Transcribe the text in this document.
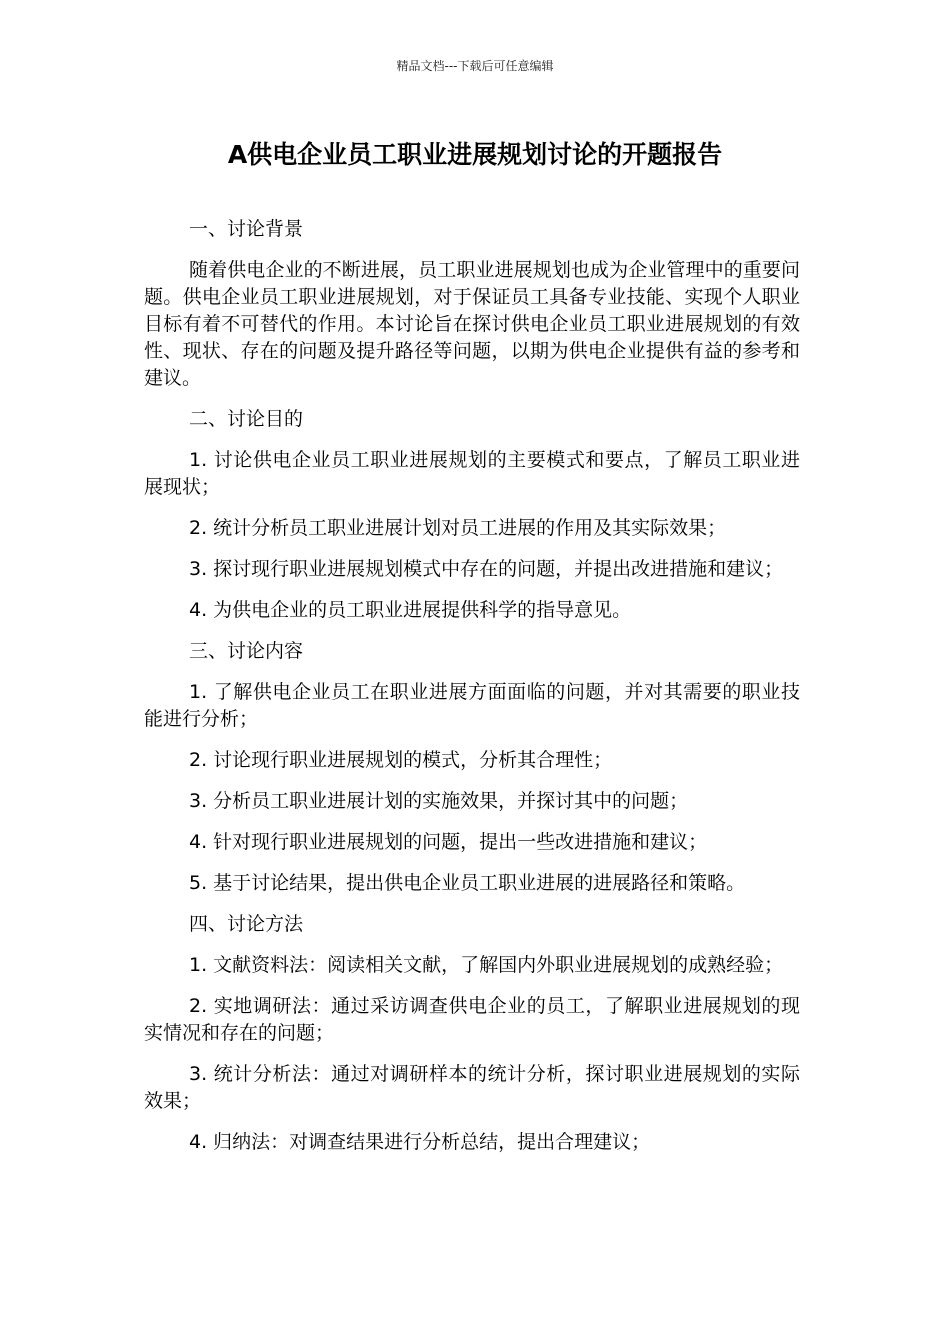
精品文档---下载后可任意编辑
A供电企业员工职业进展规划讨论的开题报告
一、讨论背景
随着供电企业的不断进展，员工职业进展规划也成为企业管理中的重要问题。供电企业员工职业进展规划，对于保证员工具备专业技能、实现个人职业目标有着不可替代的作用。本讨论旨在探讨供电企业员工职业进展规划的有效性、现状、存在的问题及提升路径等问题，以期为供电企业提供有益的参考和建议。
二、讨论目的
1. 讨论供电企业员工职业进展规划的主要模式和要点，了解员工职业进展现状；
2. 统计分析员工职业进展计划对员工进展的作用及其实际效果；
3. 探讨现行职业进展规划模式中存在的问题，并提出改进措施和建议；
4. 为供电企业的员工职业进展提供科学的指导意见。
三、讨论内容
1. 了解供电企业员工在职业进展方面面临的问题，并对其需要的职业技能进行分析；
2. 讨论现行职业进展规划的模式，分析其合理性；
3. 分析员工职业进展计划的实施效果，并探讨其中的问题；
4. 针对现行职业进展规划的问题，提出一些改进措施和建议；
5. 基于讨论结果，提出供电企业员工职业进展的进展路径和策略。
四、讨论方法
1. 文献资料法：阅读相关文献，了解国内外职业进展规划的成熟经验；
2. 实地调研法：通过采访调查供电企业的员工，了解职业进展规划的现实情况和存在的问题；
3. 统计分析法：通过对调研样本的统计分析，探讨职业进展规划的实际效果；
4. 归纳法：对调查结果进行分析总结，提出合理建议；
